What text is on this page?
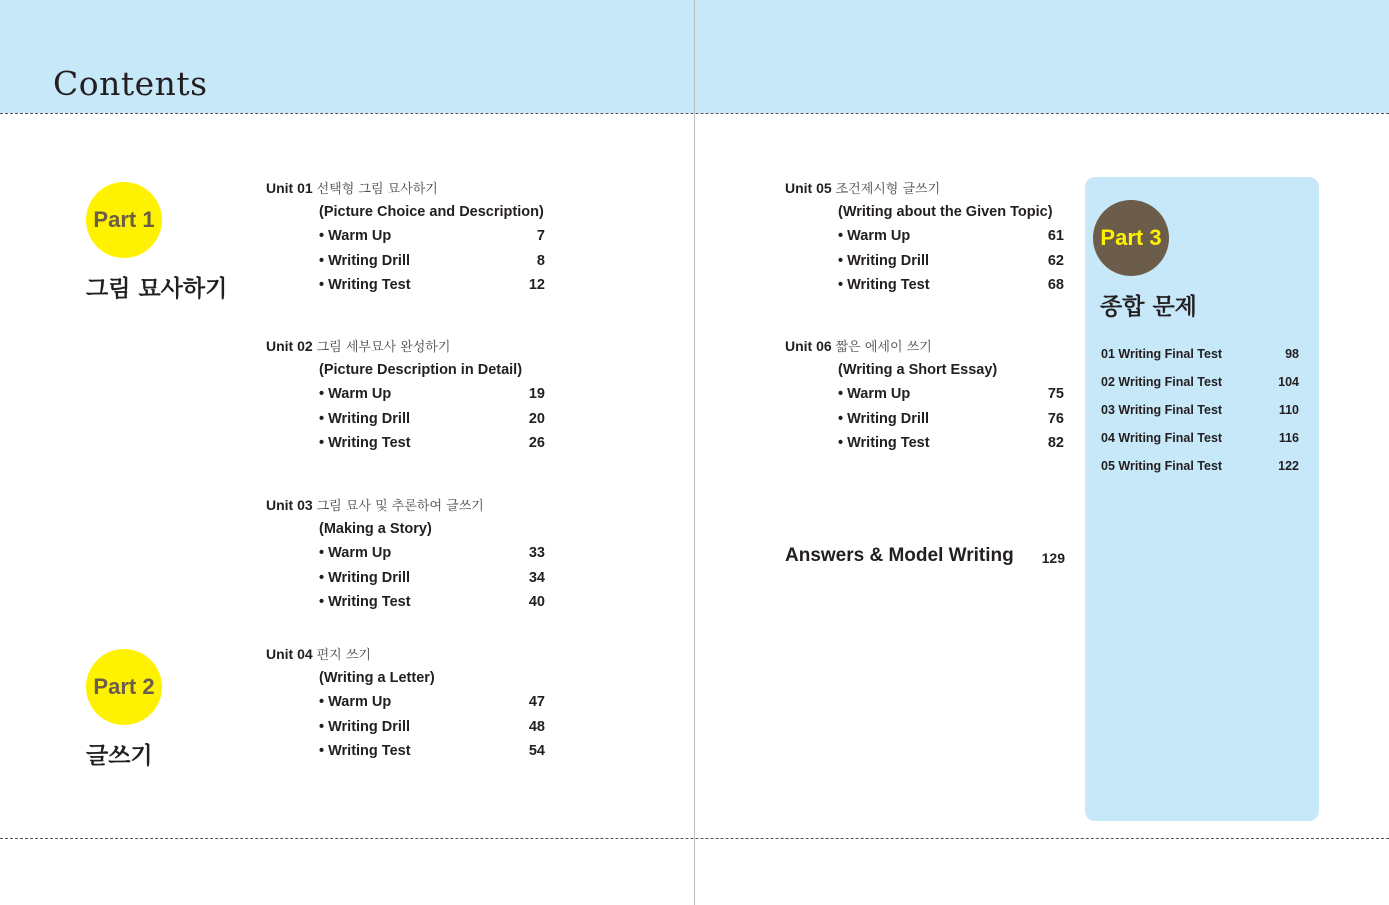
Contents
Part 1
그림 묘사하기
Part 2
글쓰기
Part 3
종합 문제
Unit 01 선택형 그림 묘사하기
(Picture Choice and Description)
• Warm Up	7
• Writing Drill	8
• Writing Test	12
Unit 02 그림 세부묘사 완성하기
(Picture Description in Detail)
• Warm Up	19
• Writing Drill	20
• Writing Test	26
Unit 03 그림 묘사 및 추론하여 글쓰기
(Making a Story)
• Warm Up	33
• Writing Drill	34
• Writing Test	40
Unit 04 편지 쓰기
(Writing a Letter)
• Warm Up	47
• Writing Drill	48
• Writing Test	54
Unit 05 조건제시형 글쓰기
(Writing about the Given Topic)
• Warm Up	61
• Writing Drill	62
• Writing Test	68
Unit 06 짧은 에세이 쓰기
(Writing a Short Essay)
• Warm Up	75
• Writing Drill	76
• Writing Test	82
Answers & Model Writing 129
01 Writing Final Test	98
02 Writing Final Test	104
03 Writing Final Test	110
04 Writing Final Test	116
05 Writing Final Test	122
